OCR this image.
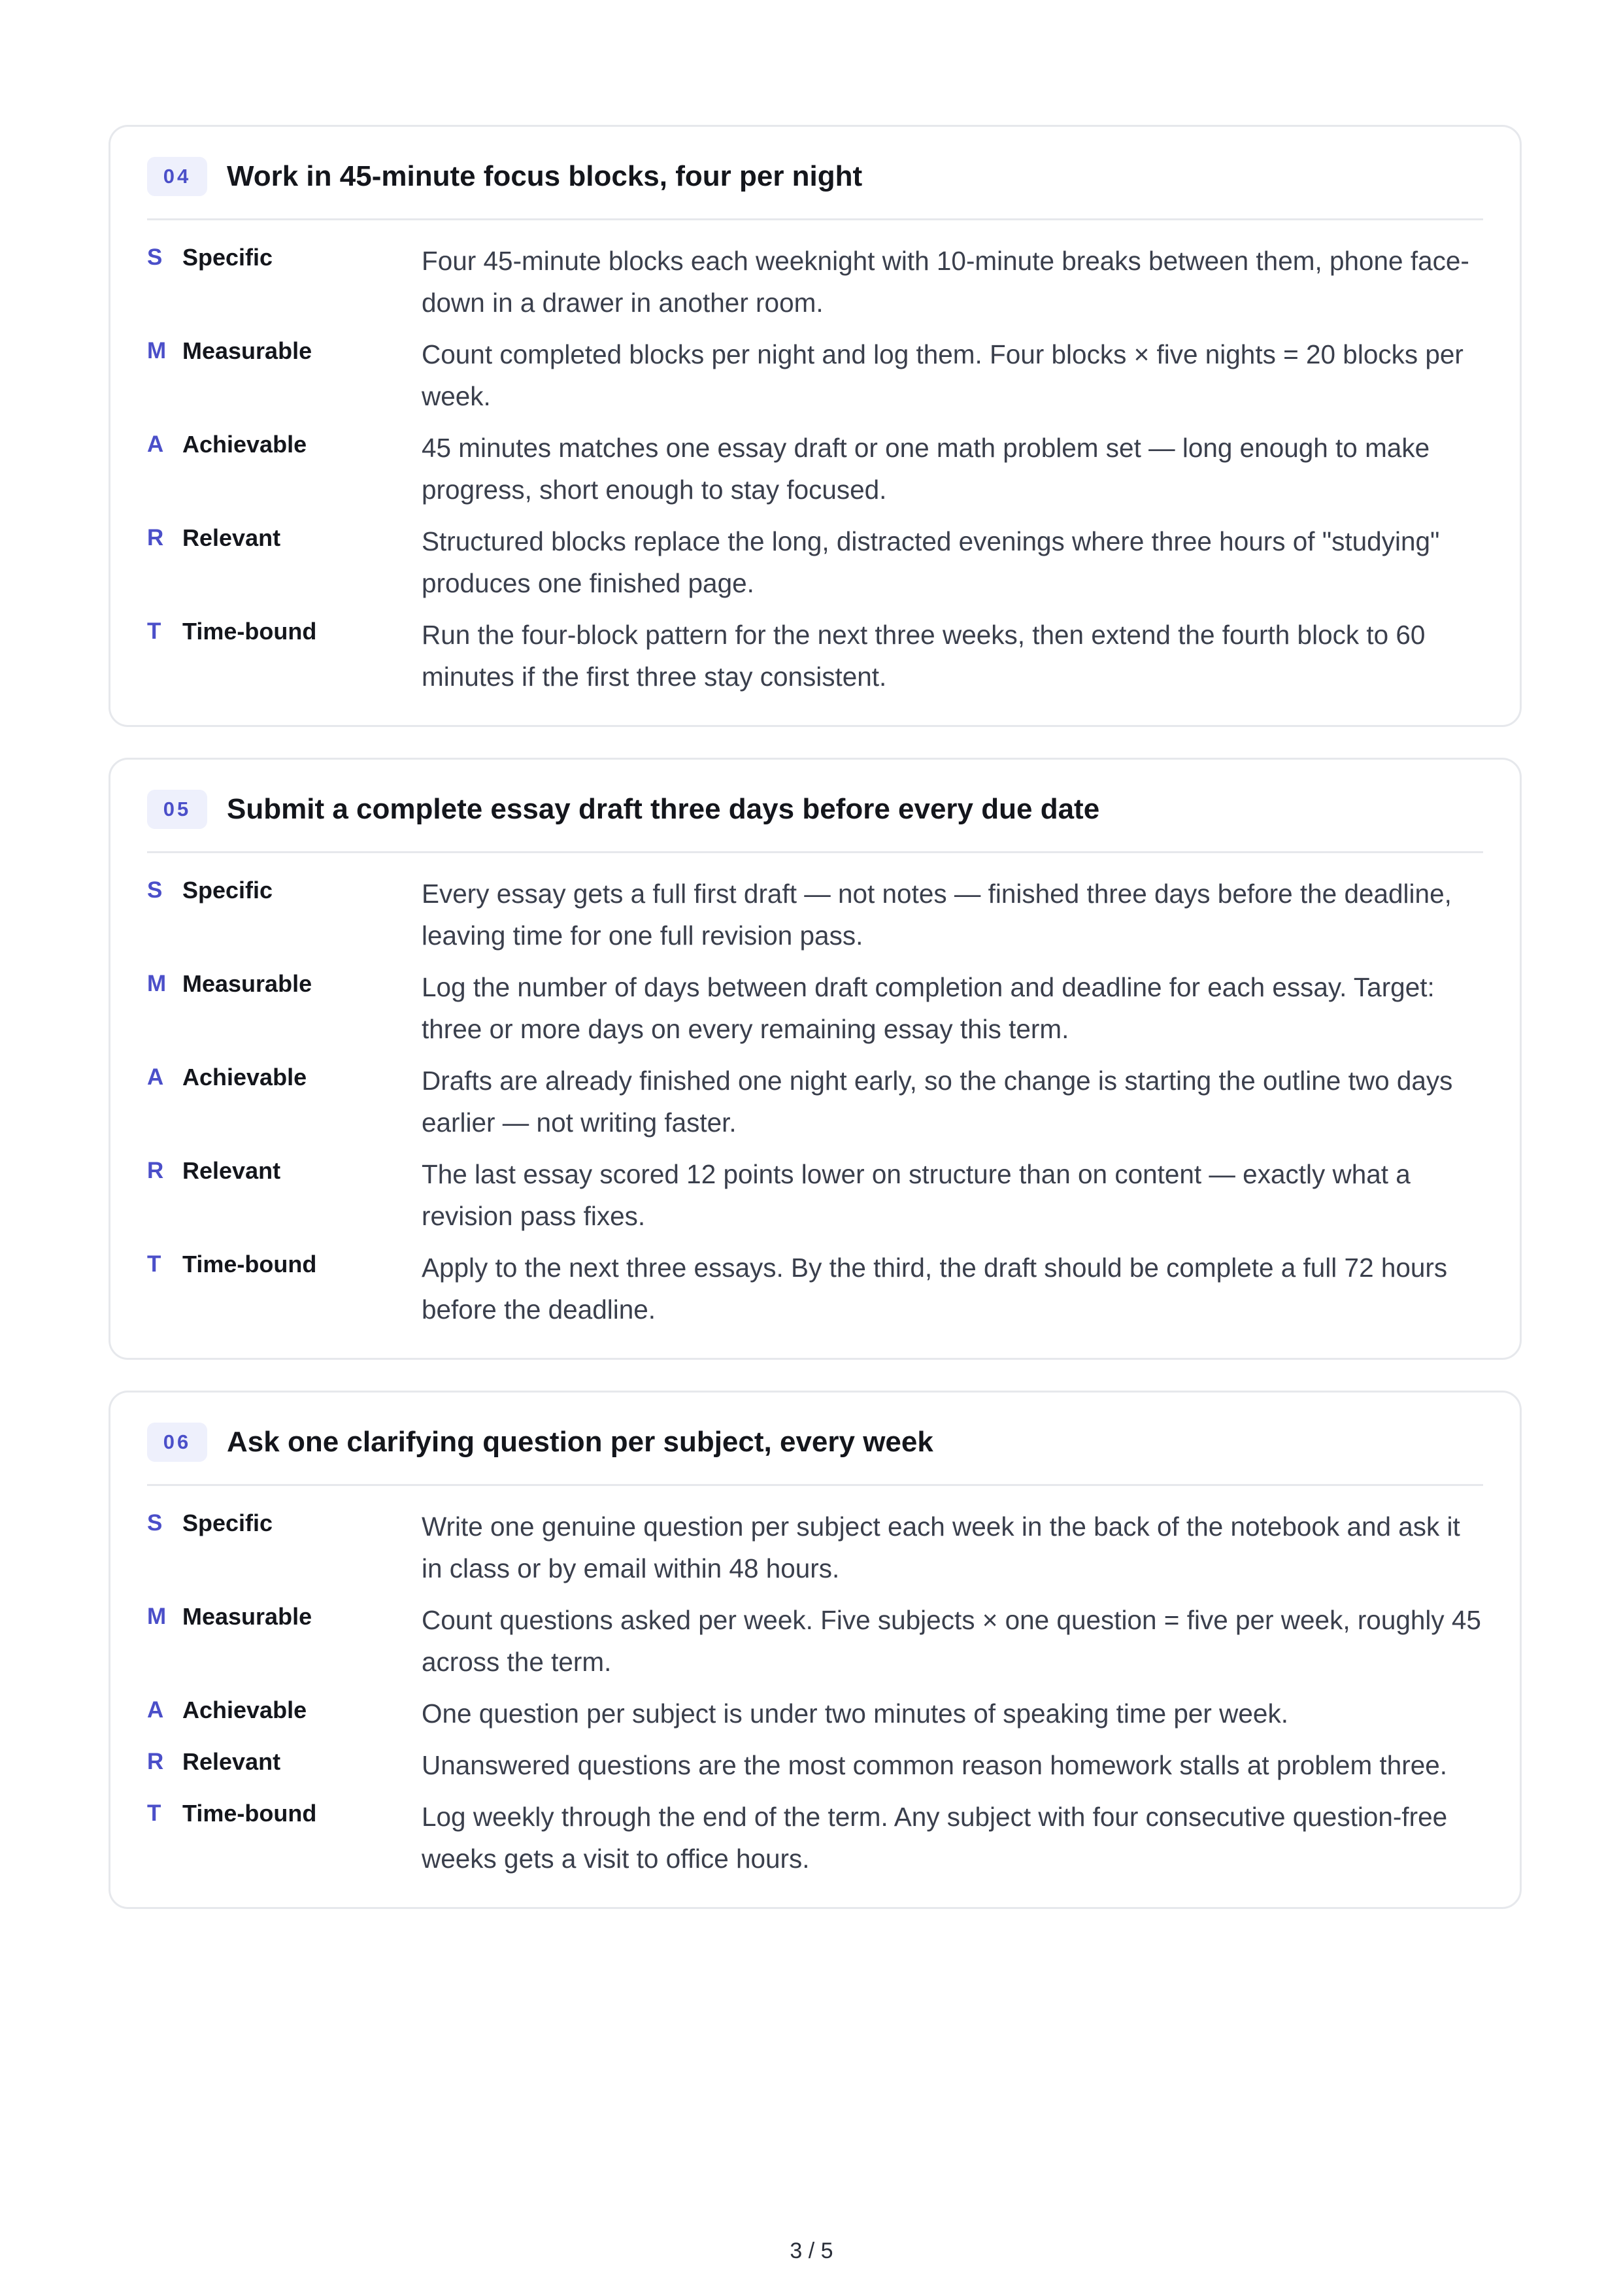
04	Work in 45-minute focus blocks, four per night
S Specific	Four 45-minute blocks each weeknight with 10-minute breaks between them, phone face-down in a drawer in another room.
M Measurable	Count completed blocks per night and log them. Four blocks × five nights = 20 blocks per week.
A Achievable	45 minutes matches one essay draft or one math problem set — long enough to make progress, short enough to stay focused.
R Relevant	Structured blocks replace the long, distracted evenings where three hours of "studying" produces one finished page.
T Time-bound	Run the four-block pattern for the next three weeks, then extend the fourth block to 60 minutes if the first three stay consistent.
05	Submit a complete essay draft three days before every due date
S Specific	Every essay gets a full first draft — not notes — finished three days before the deadline, leaving time for one full revision pass.
M Measurable	Log the number of days between draft completion and deadline for each essay. Target: three or more days on every remaining essay this term.
A Achievable	Drafts are already finished one night early, so the change is starting the outline two days earlier — not writing faster.
R Relevant	The last essay scored 12 points lower on structure than on content — exactly what a revision pass fixes.
T Time-bound	Apply to the next three essays. By the third, the draft should be complete a full 72 hours before the deadline.
06	Ask one clarifying question per subject, every week
S Specific	Write one genuine question per subject each week in the back of the notebook and ask it in class or by email within 48 hours.
M Measurable	Count questions asked per week. Five subjects × one question = five per week, roughly 45 across the term.
A Achievable	One question per subject is under two minutes of speaking time per week.
R Relevant	Unanswered questions are the most common reason homework stalls at problem three.
T Time-bound	Log weekly through the end of the term. Any subject with four consecutive question-free weeks gets a visit to office hours.
3 / 5
